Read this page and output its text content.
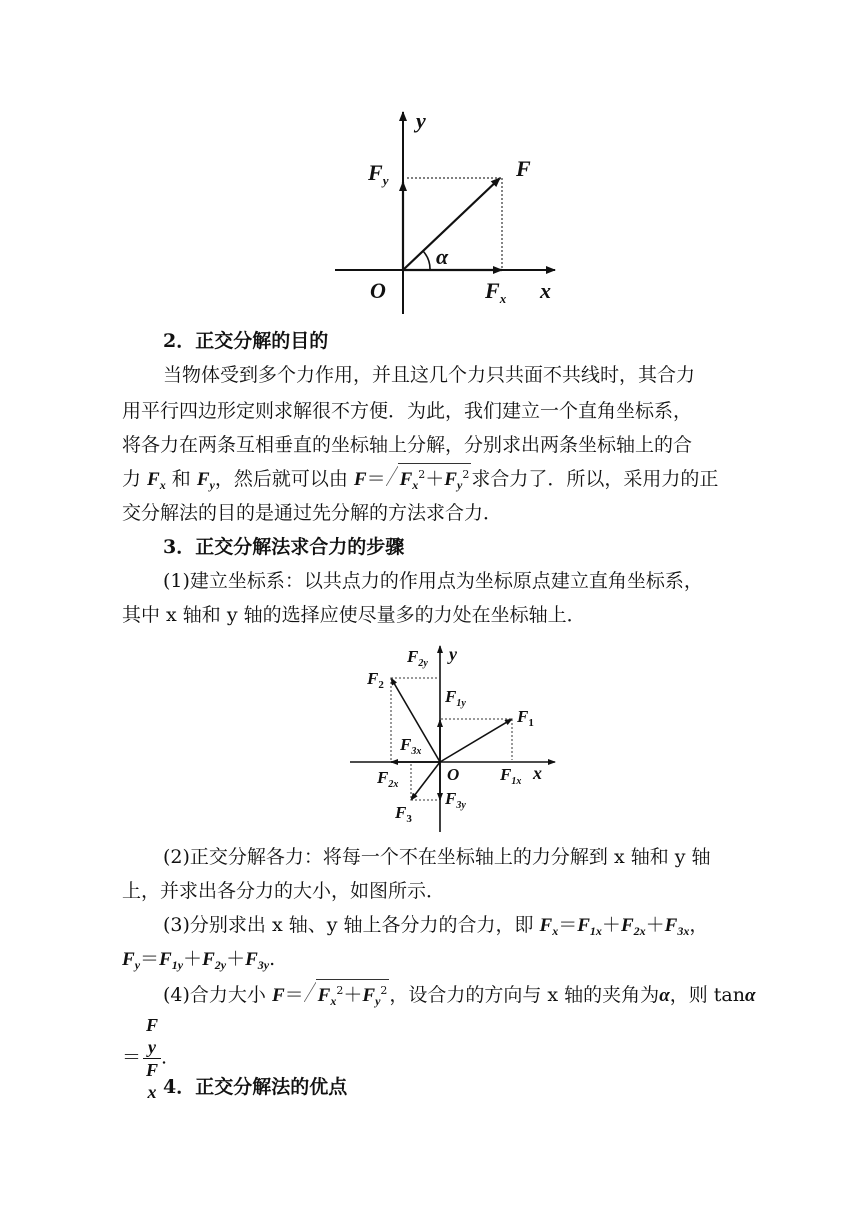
y
x
O
F
$F_y$
$F_x$
α
2．正交分解的目的
当物体受到多个力作用，并且这几个力只共面不共线时，其合力
用平行四边形定则求解很不方便．为此，我们建立一个直角坐标系，
将各力在两条互相垂直的坐标轴上分解，分别求出两条坐标轴上的合
力 $F_x$ 和 $F_y$，然后就可以由 $F= F_x^2+F_y^2$ 求合力了．所以，采用力的正
交分解法的目的是通过先分解的方法求合力．
3．正交分解法求合力的步骤
(1)建立坐标系：以共点力的作用点为坐标原点建立直角坐标系，
其中 x 轴和 y 轴的选择应使尽量多的力处在坐标轴上．
y
x
O
$F_1$
$F_2$
$F_3$
$F_{1x}$
$F_{1y}$
$F_{2x}$
$F_{2y}$
$F_{3x}$
$F_{3y}$
(2)正交分解各力：将每一个不在坐标轴上的力分解到 x 轴和 y 轴
上，并求出各分力的大小，如图所示．
(3)分别求出 x 轴、y 轴上各分力的合力，即 $F_x=F_{1x}+F_{2x}+F_{3x}$，
$F_y=F_{1y}+F_{2y}+F_{3y}$.
(4)合力大小 $F= F_x^2+F_y^2$ ，设合力的方向与 x 轴的夹角为α，则 tanα
＝ F
y
F
x .
4．正交分解法的优点
